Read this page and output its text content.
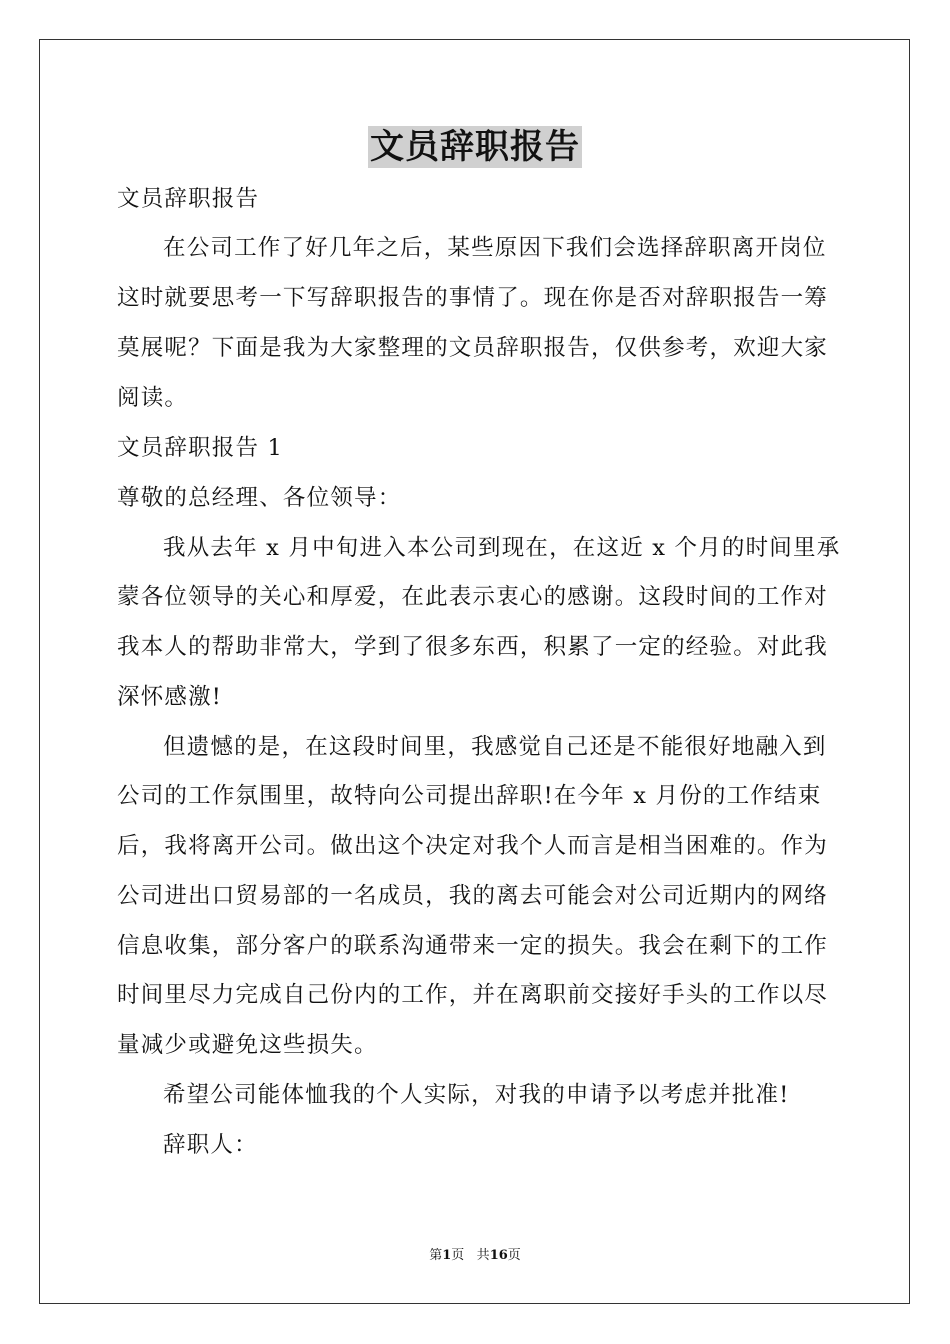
文员辞职报告
文员辞职报告
在公司工作了好几年之后，某些原因下我们会选择辞职离开岗位
这时就要思考一下写辞职报告的事情了。现在你是否对辞职报告一筹
莫展呢？下面是我为大家整理的文员辞职报告，仅供参考，欢迎大家
阅读。
文员辞职报告 1
尊敬的总经理、各位领导：
我从去年 x 月中旬进入本公司到现在，在这近 x 个月的时间里承
蒙各位领导的关心和厚爱，在此表示衷心的感谢。这段时间的工作对
我本人的帮助非常大，学到了很多东西，积累了一定的经验。对此我
深怀感激!
但遗憾的是，在这段时间里，我感觉自己还是不能很好地融入到
公司的工作氛围里，故特向公司提出辞职!在今年 x 月份的工作结束
后，我将离开公司。做出这个决定对我个人而言是相当困难的。作为
公司进出口贸易部的一名成员，我的离去可能会对公司近期内的网络
信息收集，部分客户的联系沟通带来一定的损失。我会在剩下的工作
时间里尽力完成自己份内的工作，并在离职前交接好手头的工作以尽
量减少或避免这些损失。
希望公司能体恤我的个人实际，对我的申请予以考虑并批准!
辞职人：
第1页 共16页
